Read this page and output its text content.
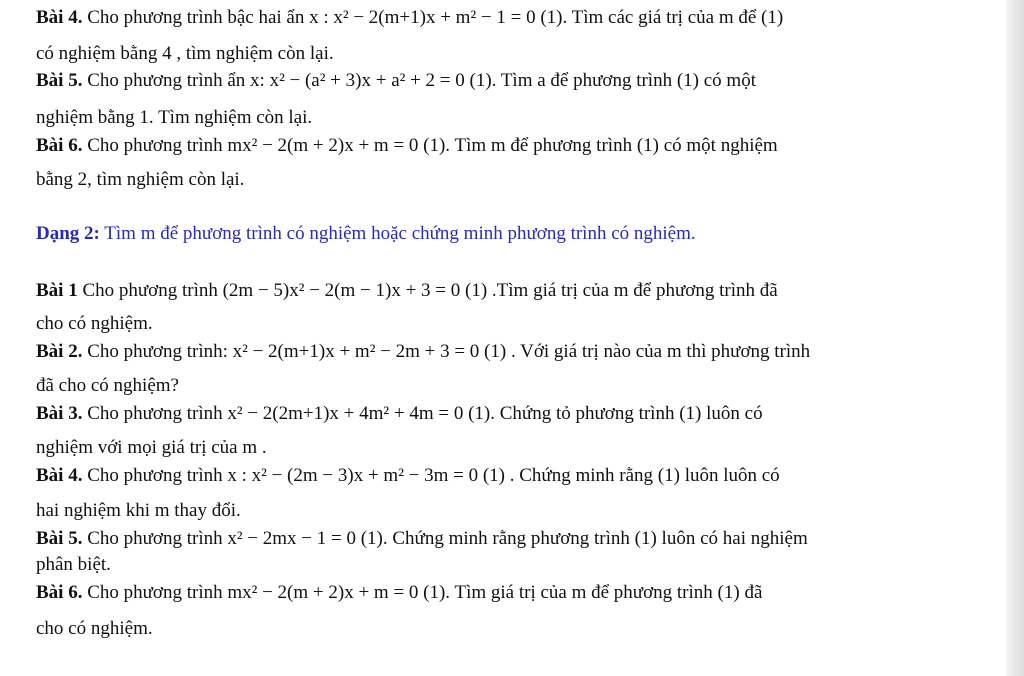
Bài 4. Cho phương trình bậc hai ẩn x : x² − 2(m+1)x + m² − 1 = 0 (1). Tìm các giá trị của m để (1)
có nghiệm bằng 4 , tìm nghiệm còn lại.
Bài 5. Cho phương trình ẩn x: x² − (a² + 3)x + a² + 2 = 0 (1). Tìm a để phương trình (1) có một
nghiệm bằng 1. Tìm nghiệm còn lại.
Bài 6. Cho phương trình mx² − 2(m + 2)x + m = 0 (1). Tìm m để phương trình (1) có một nghiệm
bằng 2, tìm nghiệm còn lại.
Dạng 2: Tìm m để phương trình có nghiệm hoặc chứng minh phương trình có nghiệm.
Bài 1 Cho phương trình (2m − 5)x² − 2(m − 1)x + 3 = 0 (1) .Tìm giá trị của m để phương trình đã
cho có nghiệm.
Bài 2. Cho phương trình: x² − 2(m+1)x + m² − 2m + 3 = 0 (1) . Với giá trị nào của m thì phương trình
đã cho có nghiệm?
Bài 3. Cho phương trình x² − 2(2m+1)x + 4m² + 4m = 0 (1). Chứng tỏ phương trình (1) luôn có
nghiệm với mọi giá trị của m .
Bài 4. Cho phương trình x : x² − (2m − 3)x + m² − 3m = 0 (1) . Chứng minh rằng (1) luôn luôn có
hai nghiệm khi m thay đổi.
Bài 5. Cho phương trình x² − 2mx − 1 = 0 (1). Chứng minh rằng phương trình (1) luôn có hai nghiệm
phân biệt.
Bài 6. Cho phương trình mx² − 2(m + 2)x + m = 0 (1). Tìm giá trị của m để phương trình (1) đã
cho có nghiệm.
